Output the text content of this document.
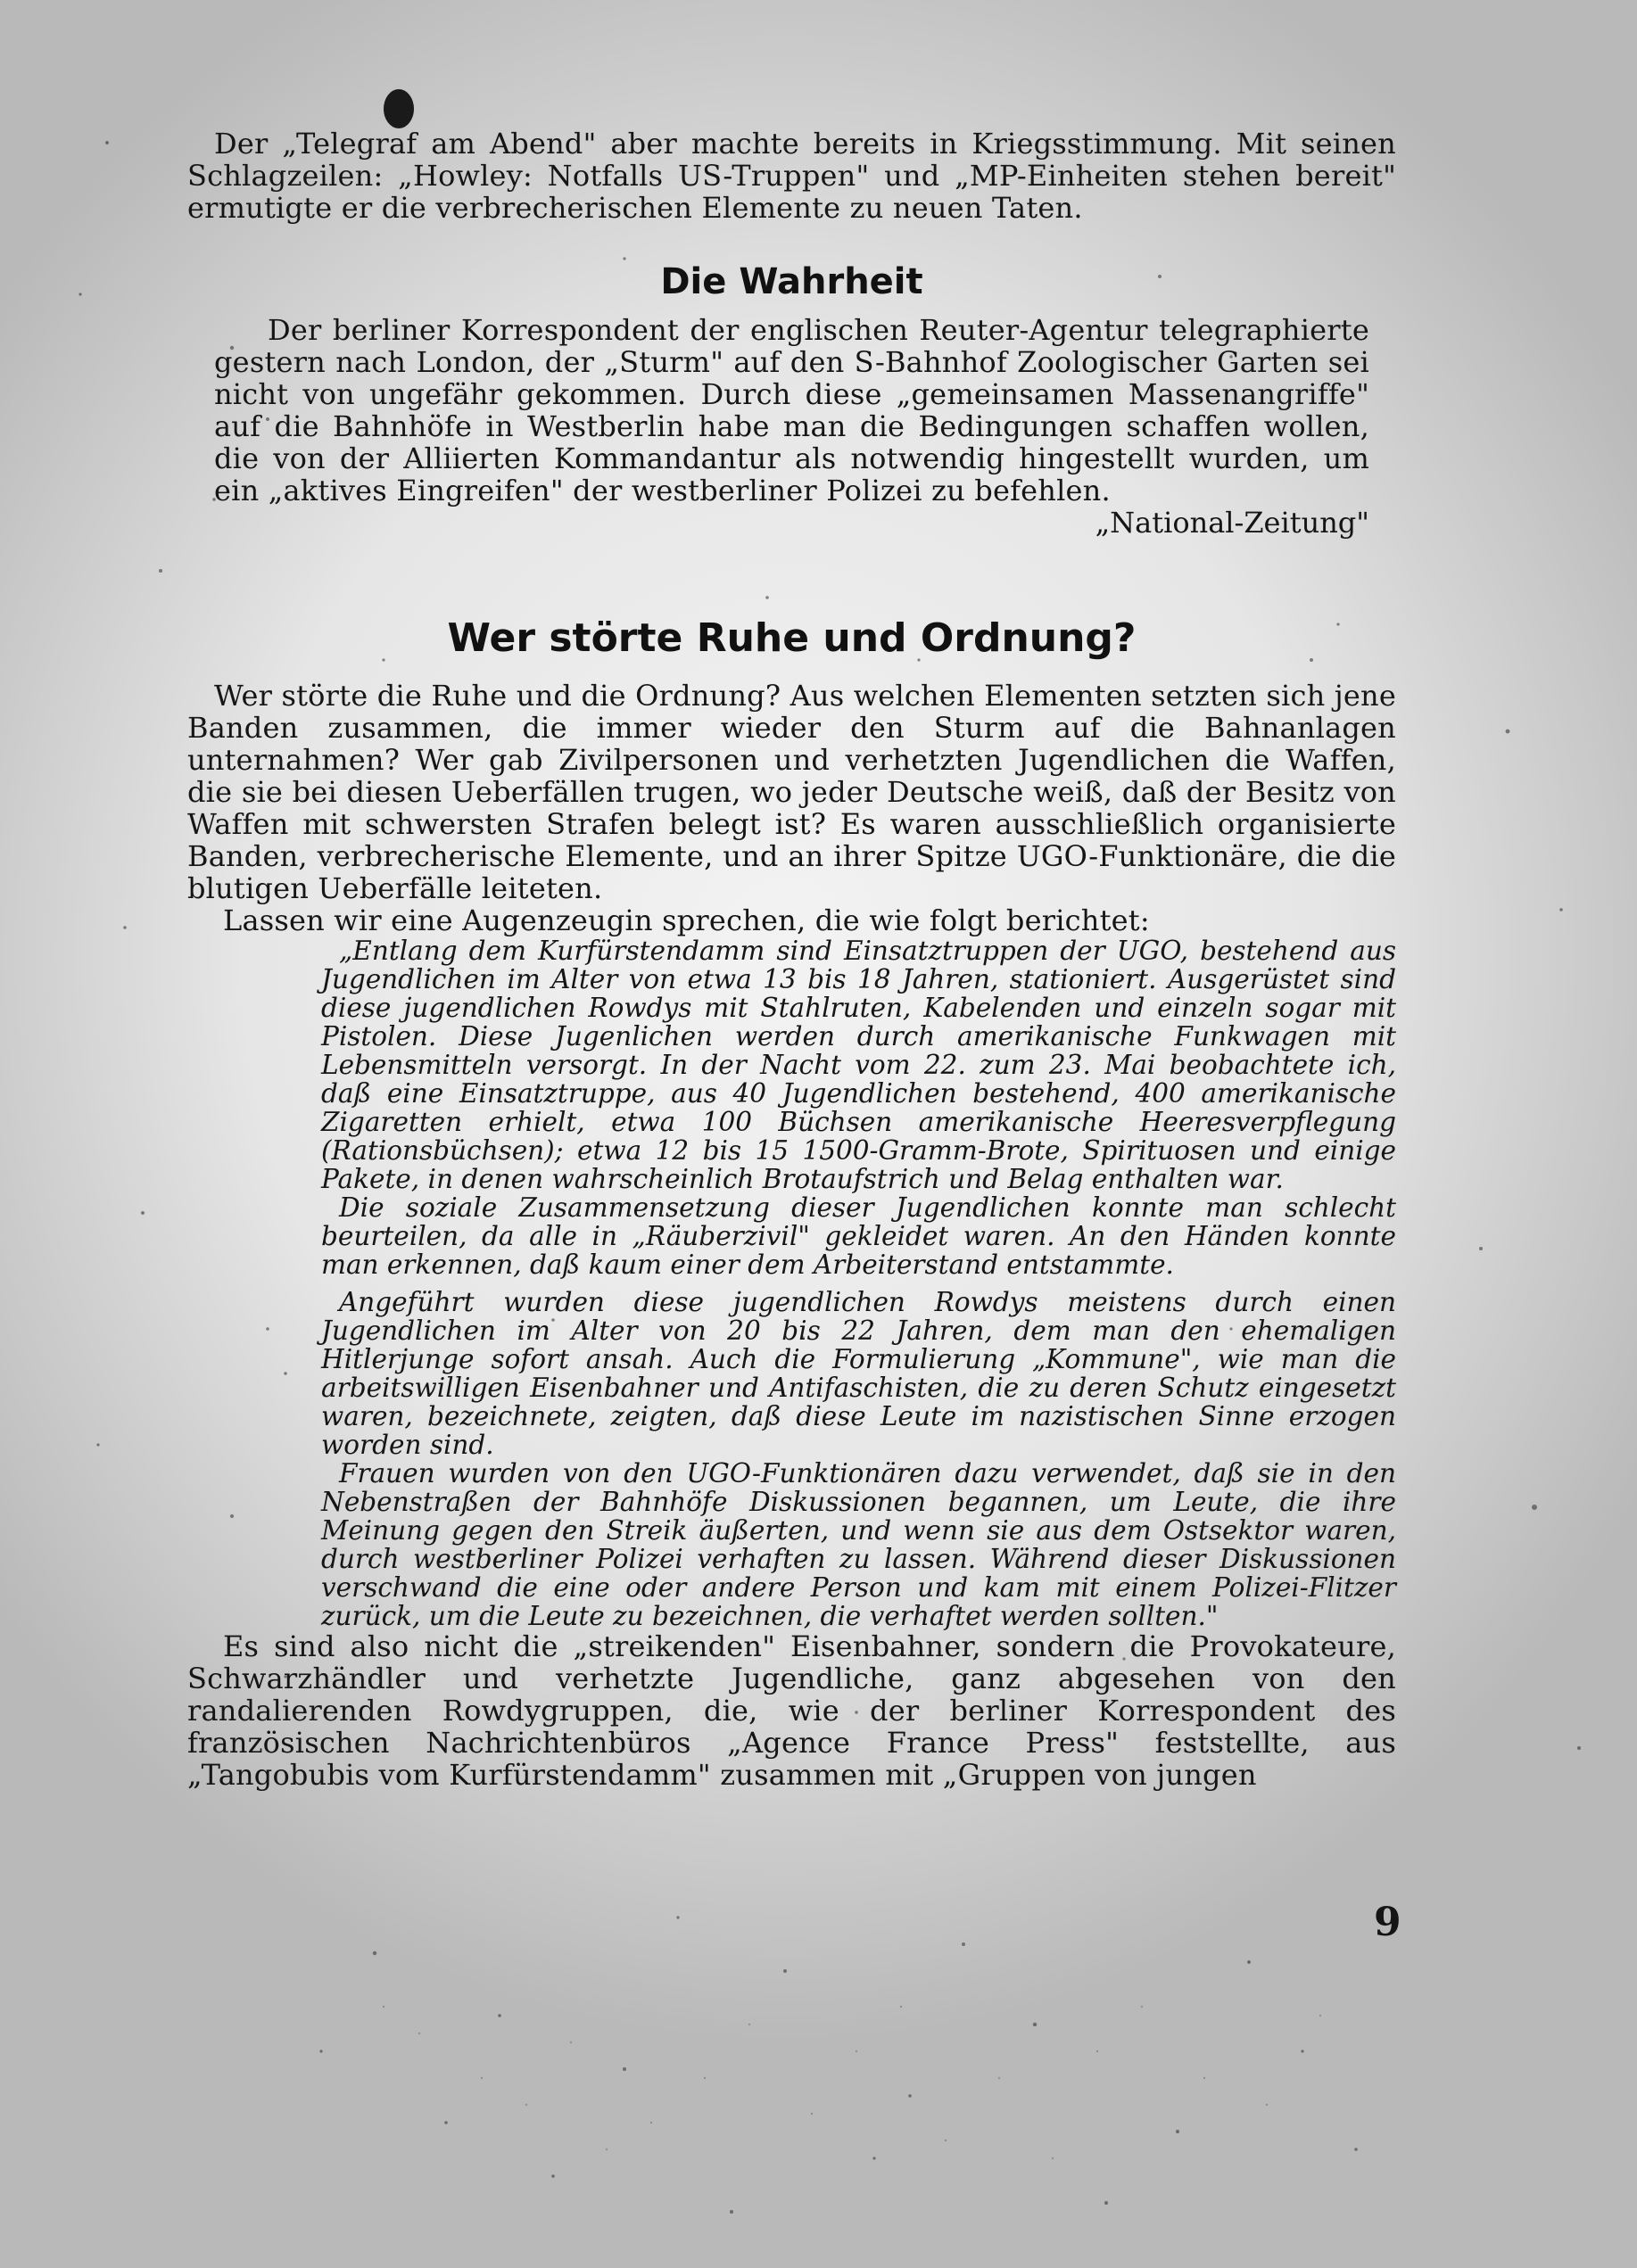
Der „Telegraf am Abend" aber machte bereits in Kriegsstimmung. Mit seinen Schlagzeilen: „Howley: Notfalls US-Truppen" und „MP-Einheiten stehen bereit" ermutigte er die verbrecherischen Elemente zu neuen Taten.

Die Wahrheit

Der berliner Korrespondent der englischen Reuter-Agentur telegraphierte gestern nach London, der „Sturm" auf den S-Bahnhof Zoologischer Garten sei nicht von ungefähr gekommen. Durch diese „gemeinsamen Massenangriffe" auf die Bahnhöfe in Westberlin habe man die Bedingungen schaffen wollen, die von der Alliierten Kommandantur als notwendig hingestellt wurden, um ein „aktives Eingreifen" der westberliner Polizei zu befehlen.

„National-Zeitung"

Wer störte Ruhe und Ordnung?

Wer störte die Ruhe und die Ordnung? Aus welchen Elementen setzten sich jene Banden zusammen, die immer wieder den Sturm auf die Bahnanlagen unternahmen? Wer gab Zivilpersonen und verhetzten Jugendlichen die Waffen, die sie bei diesen Ueberfällen trugen, wo jeder Deutsche weiß, daß der Besitz von Waffen mit schwersten Strafen belegt ist? Es waren ausschließlich organisierte Banden, verbrecherische Elemente, und an ihrer Spitze UGO-Funktionäre, die die blutigen Ueberfälle leiteten.

Lassen wir eine Augenzeugin sprechen, die wie folgt berichtet:

„Entlang dem Kurfürstendamm sind Einsatztruppen der UGO, bestehend aus Jugendlichen im Alter von etwa 13 bis 18 Jahren, stationiert. Ausgerüstet sind diese jugendlichen Rowdys mit Stahlruten, Kabelenden und einzeln sogar mit Pistolen. Diese Jugenlichen werden durch amerikanische Funkwagen mit Lebensmitteln versorgt. In der Nacht vom 22. zum 23. Mai beobachtete ich, daß eine Einsatztruppe, aus 40 Jugendlichen bestehend, 400 amerikanische Zigaretten erhielt, etwa 100 Büchsen amerikanische Heeresverpflegung (Rationsbüchsen); etwa 12 bis 15 1500-Gramm-Brote, Spirituosen und einige Pakete, in denen wahrscheinlich Brotaufstrich und Belag enthalten war.

Die soziale Zusammensetzung dieser Jugendlichen konnte man schlecht beurteilen, da alle in „Räuberzivil" gekleidet waren. An den Händen konnte man erkennen, daß kaum einer dem Arbeiterstand entstammte.

Angeführt wurden diese jugendlichen Rowdys meistens durch einen Jugendlichen im Alter von 20 bis 22 Jahren, dem man den ehemaligen Hitlerjunge sofort ansah. Auch die Formulierung „Kommune", wie man die arbeitswilligen Eisenbahner und Antifaschisten, die zu deren Schutz eingesetzt waren, bezeichnete, zeigten, daß diese Leute im nazistischen Sinne erzogen worden sind.

Frauen wurden von den UGO-Funktionären dazu verwendet, daß sie in den Nebenstraßen der Bahnhöfe Diskussionen begannen, um Leute, die ihre Meinung gegen den Streik äußerten, und wenn sie aus dem Ostsektor waren, durch westberliner Polizei verhaften zu lassen. Während dieser Diskussionen verschwand die eine oder andere Person und kam mit einem Polizei-Flitzer zurück, um die Leute zu bezeichnen, die verhaftet werden sollten."

Es sind also nicht die „streikenden" Eisenbahner, sondern die Provokateure, Schwarzhändler und verhetzte Jugendliche, ganz abgesehen von den randalierenden Rowdygruppen, die, wie der berliner Korrespondent des französischen Nachrichtenbüros „Agence France Press" feststellte, aus „Tangobubis vom Kurfürstendamm" zusammen mit „Gruppen von jungen

9
